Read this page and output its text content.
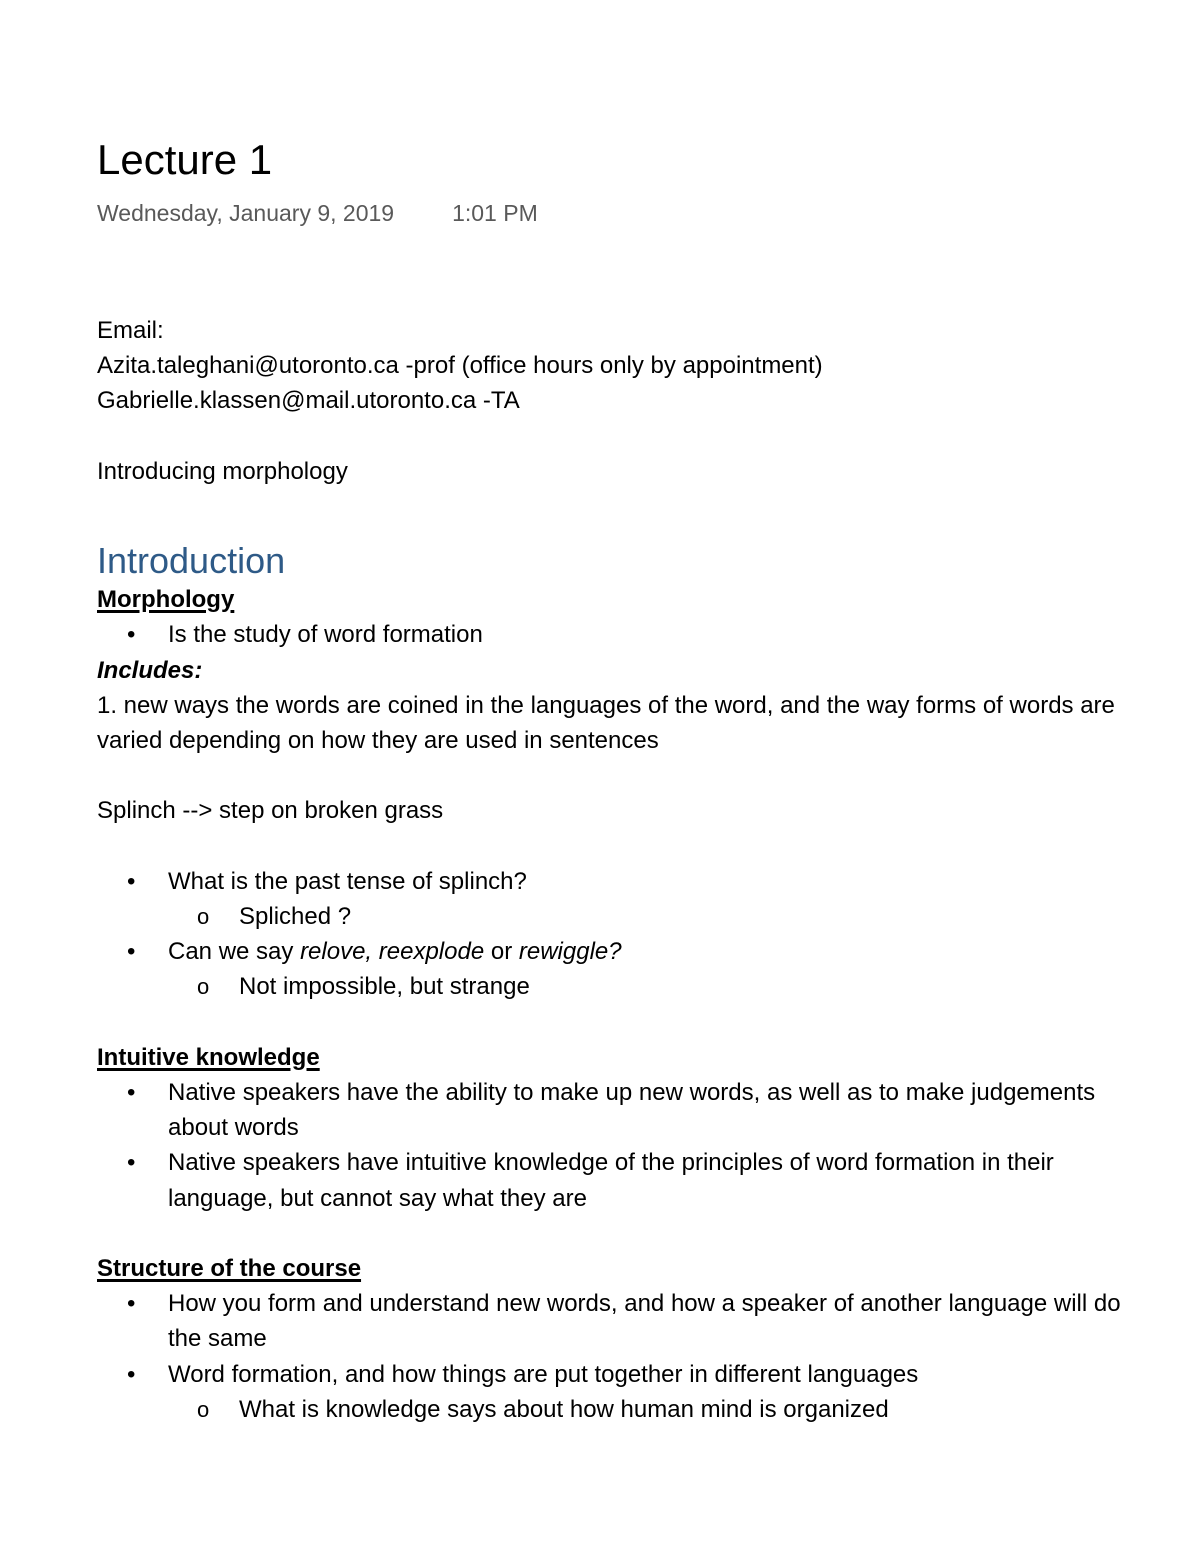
Lecture 1
Wednesday, January 9, 2019	1:01 PM
Email:
Azita.taleghani@utoronto.ca -prof (office hours only by appointment)
Gabrielle.klassen@mail.utoronto.ca -TA
Introducing morphology
Introduction
Morphology
• Is the study of word formation
Includes:
1. new ways the words are coined in the languages of the word, and the way forms of words are varied depending on how they are used in sentences
Splinch --> step on broken grass
• What is the past tense of splinch?
o Spliched ?
• Can we say relove, reexplode or rewiggle?
o Not impossible, but strange
Intuitive knowledge
• Native speakers have the ability to make up new words, as well as to make judgements about words
• Native speakers have intuitive knowledge of the principles of word formation in their language, but cannot say what they are
Structure of the course
• How you form and understand new words, and how a speaker of another language will do the same
• Word formation, and how things are put together in different languages
o What is knowledge says about how human mind is organized
